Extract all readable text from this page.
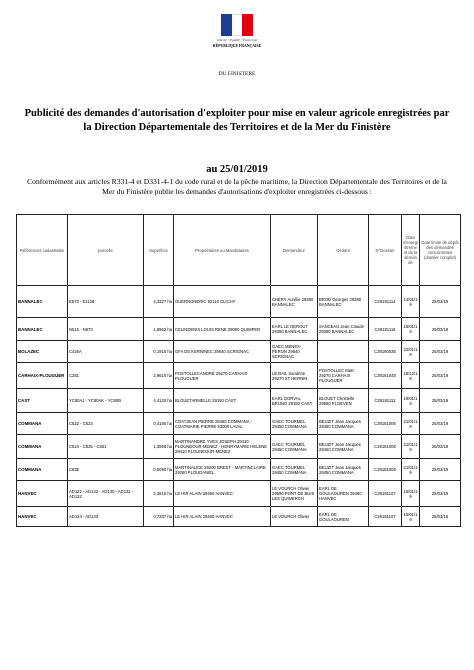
Liberté • Égalité • Fraternité
RÉPUBLIQUE FRANÇAISE
DU FINISTERE
Publicité des demandes d'autorisation d'exploiter pour mise en valeur agricole enregistrées par la Direction Départementale des Territoires et de la Mer du Finistère
au 25/01/2019
Conformément aux articles R331-4 et D331-4-1 du code rural et de la pêche maritime, la Direction Départementale des Territoires et de la Mer du Finistère publie les demandes d'autorisations d'exploiter enregistrées ci-dessous :
Références cadastrales	parcelle	Superficie	Propriétaires ou Mandataires	Demandeur	Cédant	N°Dossier	Date d'enregistrement de la demande	Date limite de dépôt des demandes concurrentes (dossier complet)
BANNALEC	E573 - E1136	4,3227 ha	GUERNONERIC 92110 CLICHY	CHERY Aurélie 29380 BANNALEC	BROD Georges 29380 BANNALEC	C29181114	14/01/19	25/03/19
BANNALEC	N515 - N673	1,8962 ha	CELINDENIS LOUIS RENE 29000 QUIMPER	EARL LE DEROUT 29380 BANNALEC	SANCEAU Jean Claude 29380 BANNALEC	C29181116	16/01/19	25/03/19
BOLAZEC	C426A	0,1910 ha	GFA DE KERNINEC 29640 SCRIGNAC	GAEC MENES-PERON 29640 SCRIGNAC		C29190035	22/01/19	25/03/19
CARHAIX-PLOUGUER	C281	2,9610 ha	POSTOLLECANDRE 29270 CARHAIX PLOUGUER	LE BAIL Sandrine 29270 ST HERNIN	POSTOLLEC Marc 29270 CARHAIX PLOUGUER	C29181048	18/12/18	25/03/19
CAST	YC80AJ - YC80AK - YC80B	4,4120 ha	BLOUETARMELLE 29150 CAST	EARL DORVAL BRUNO 29150 CAST	BLOUET Christelle 29560 PLOEVEN	C29181112	19/01/19	25/03/19
COMMANA	C522 - C523	0,4185 ha	COATJEAN PIERRE 29450 COMMANA - COATMARIE PIERRE 53000 LAVAL	GAEC TOURMEL 29450 COMMANA	BEUZIT Jean Jacques 29450 COMMANA	C29181006	21/01/19	25/03/19
COMMANA	C524 - C525 - C551	1,3568 ha	MARTINANDRE YVES JOSEPH 29410 PLOUNEOUR-MENEZ - HENRYMARIE HELENE 29410 PLOUNEOUR-MENEZ	GAEC TOURMEL 29450 COMMANA	BEUZIT Jean Jacques 29450 COMMANA	C29181006	21/01/19	25/03/19
COMMANA	C835	0,5090 ha	MARTINALICE 29200 BREST - MARTINCLAIRE 29260 PLOUDANIEL	GAEC TOURMEL 29450 COMMANA	BEUZIT Jean Jacques 29450 COMMANA	C29181006	21/01/19	25/03/19
HANVEC	AD122 - AD123 - AD130 - AD131 - AD132	2,2815 ha	LE HIR ALAIN 29460 HANVEC	LE VOURCH Olivier 29590 PONT DE BUIS LES QUIMERCH	EARL DE GOULAOUREN 29460 HANVEC	C29181107	15/01/19	25/03/19
HANVEC	AD124 - AD133	0,7287 ha	LE HIR ALAIN 29460 HANVEC	LE VOURCH Olivier	EARL DE GOULAOUREN	C29181107	15/01/19	25/03/19
